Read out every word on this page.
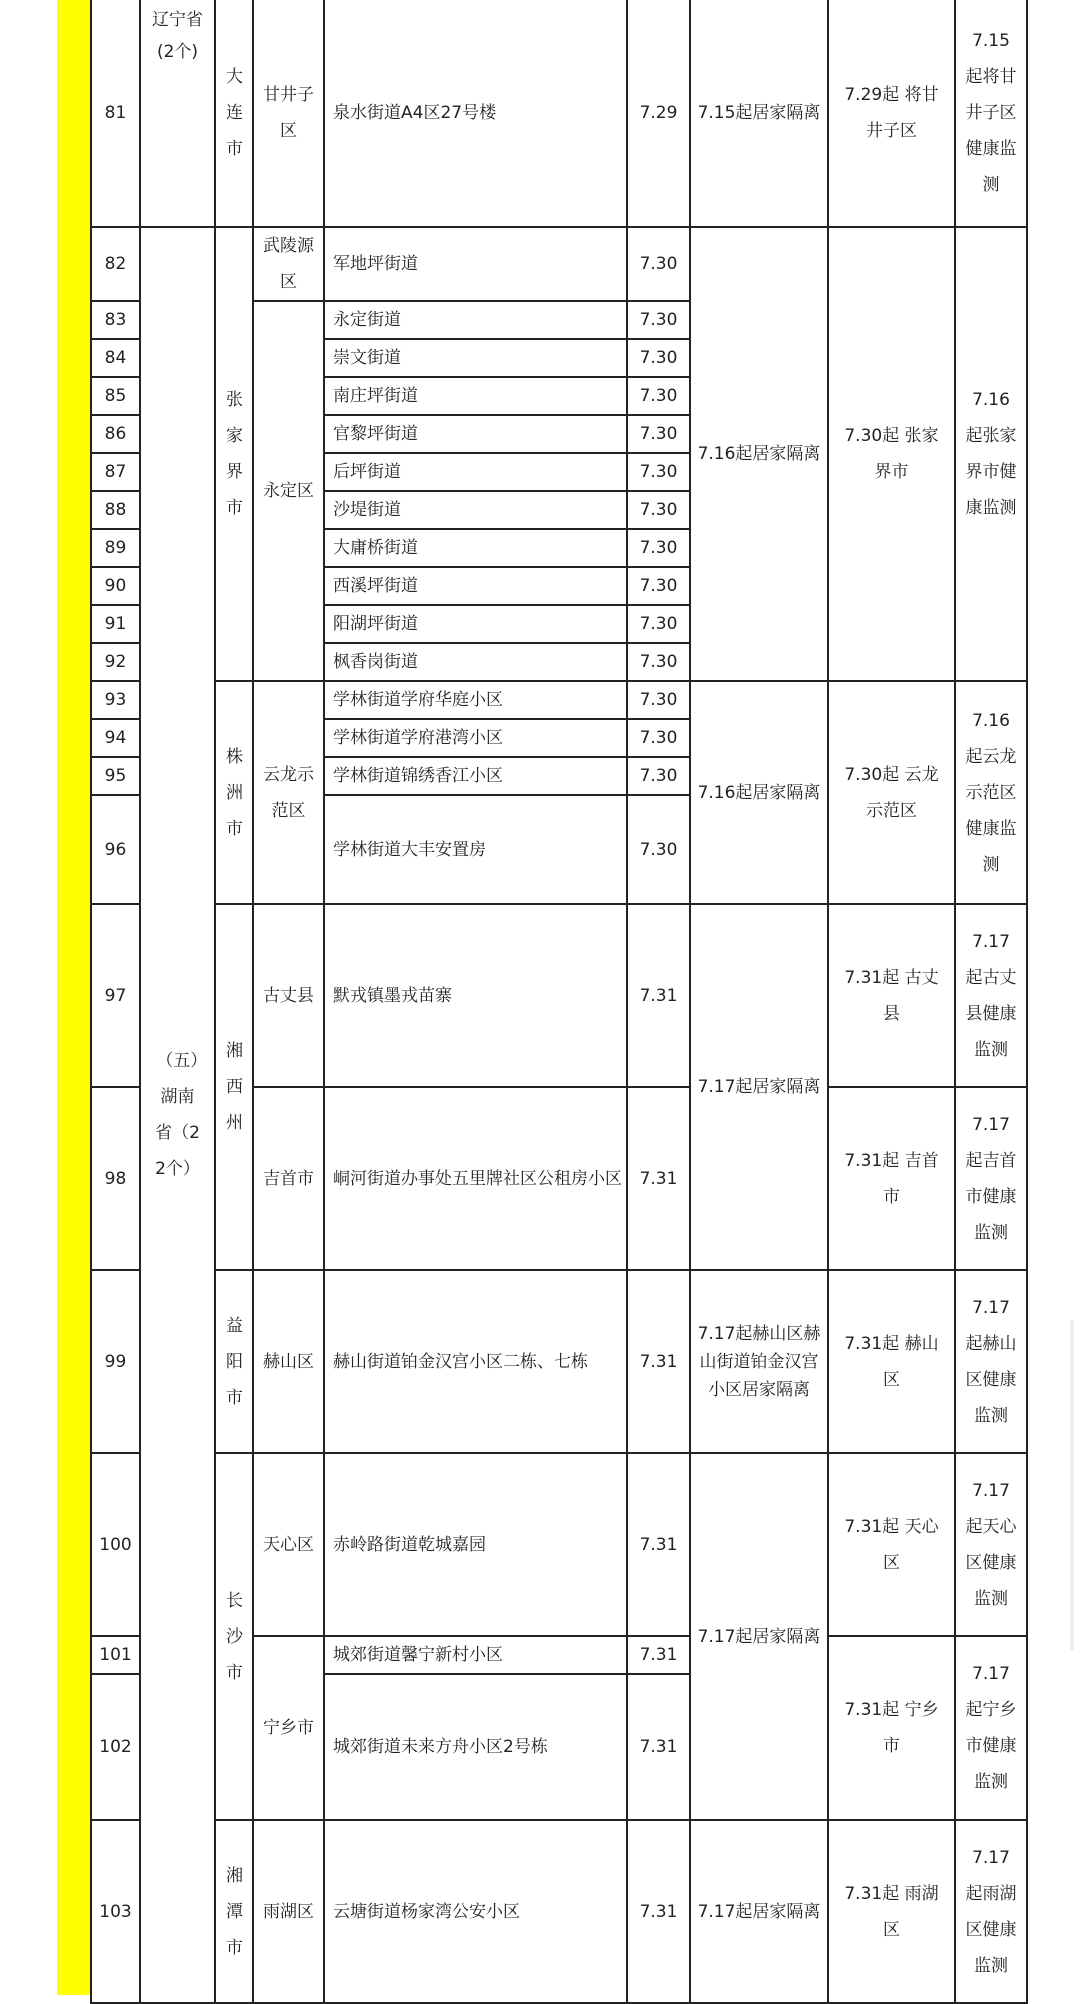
81	辽宁省(2个)	大连市	甘井子区	泉水街道A4区27号楼	7.29	7.15起居家隔离	7.29起 将甘井子区	7.15起将甘井子区健康监测
82	（五）湖南省（22个）	张家界市	武陵源区	军地坪街道	7.30	7.16起居家隔离	7.30起 张家界市	7.16起张家界市健康监测
83			永定区	永定街道	7.30			
84				崇文街道	7.30			
85				南庄坪街道	7.30			
86				官黎坪街道	7.30			
87				后坪街道	7.30			
88				沙堤街道	7.30			
89				大庸桥街道	7.30			
90				西溪坪街道	7.30			
91				阳湖坪街道	7.30			
92				枫香岗街道	7.30			
93		株洲市	云龙示范区	学林街道学府华庭小区	7.30	7.16起居家隔离	7.30起 云龙示范区	7.16起云龙示范区健康监测
94				学林街道学府港湾小区	7.30			
95				学林街道锦绣香江小区	7.30			
96				学林街道大丰安置房	7.30			
97		湘西州	古丈县	默戎镇墨戎苗寨	7.31	7.17起居家隔离	7.31起 古丈县	7.17起古丈县健康监测
98			吉首市	峒河街道办事处五里牌社区公租房小区	7.31		7.31起 吉首市	7.17起吉首市健康监测
99		益阳市	赫山区	赫山街道铂金汉宫小区二栋、七栋	7.31	7.17起赫山区赫山街道铂金汉宫小区居家隔离	7.31起 赫山区	7.17起赫山区健康监测
100		长沙市	天心区	赤岭路街道乾城嘉园	7.31	7.17起居家隔离	7.31起 天心区	7.17起天心区健康监测
101			宁乡市	城郊街道馨宁新村小区	7.31		7.31起 宁乡市	7.17起宁乡市健康监测
102				城郊街道未来方舟小区2号栋	7.31			
103		湘潭市	雨湖区	云塘街道杨家湾公安小区	7.31	7.17起居家隔离	7.31起 雨湖区	7.17起雨湖区健康监测
